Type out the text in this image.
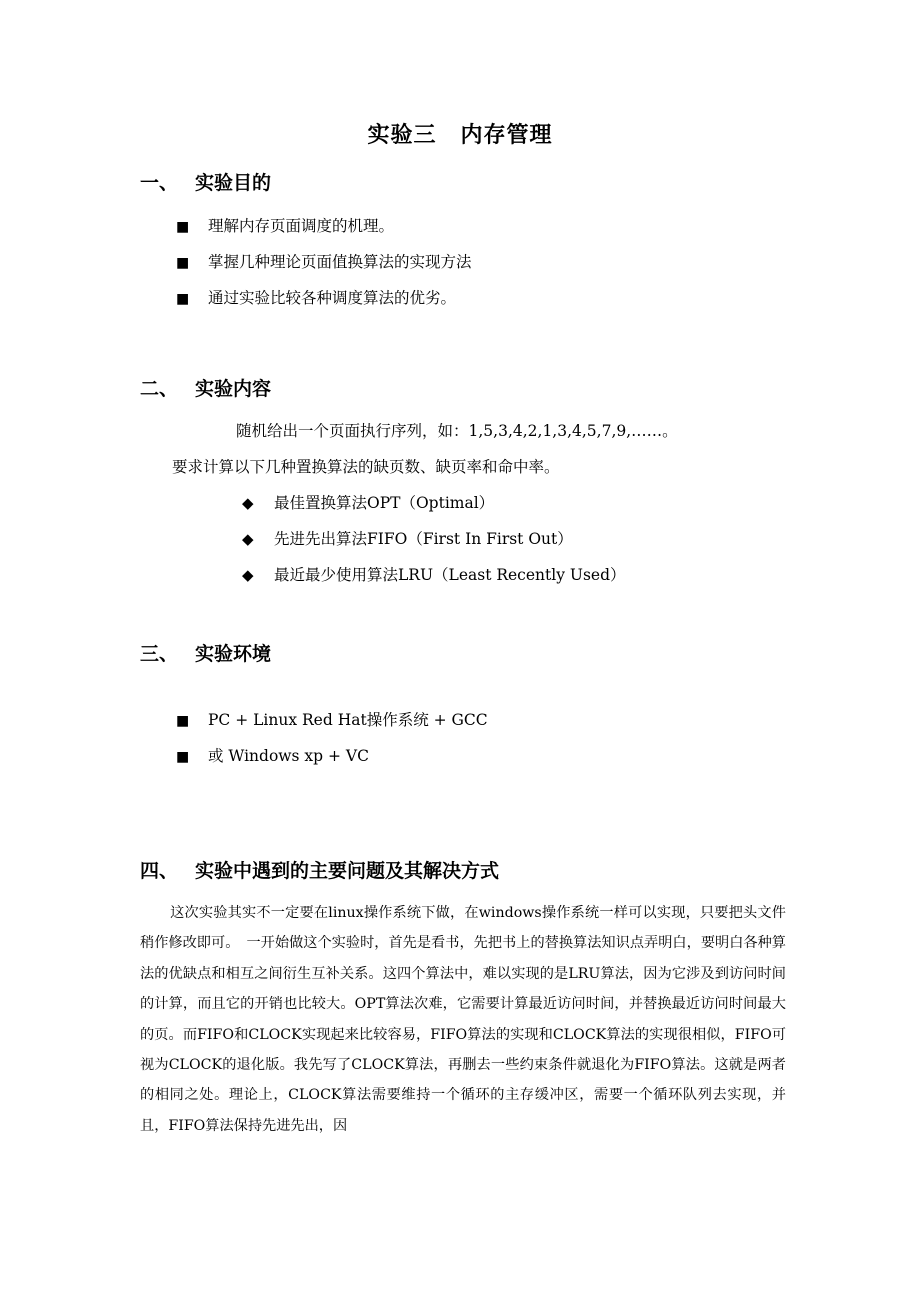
实验三 内存管理
一、 实验目的
■ 理解内存页面调度的机理。
■ 掌握几种理论页面值换算法的实现方法
■ 通过实验比较各种调度算法的优劣。
二、 实验内容
随机给出一个页面执行序列，如：1,5,3,4,2,1,3,4,5,7,9,……。
要求计算以下几种置换算法的缺页数、缺页率和命中率。
◆ 最佳置换算法OPT（Optimal）
◆ 先进先出算法FIFO（First In First Out）
◆ 最近最少使用算法LRU（Least Recently Used）
三、 实验环境
■ PC + Linux Red Hat操作系统 + GCC
■ 或 Windows xp + VC
四、 实验中遇到的主要问题及其解决方式
这次实验其实不一定要在linux操作系统下做，在windows操作系统一样可以实现，只要把头文件稍作修改即可。　一开始做这个实验时，首先是看书，先把书上的替换算法知识点弄明白，要明白各种算法的优缺点和相互之间衍生互补关系。这四个算法中，难以实现的是LRU算法，因为它涉及到访问时间的计算，而且它的开销也比较大。OPT算法次难，它需要计算最近访问时间，并替换最近访问时间最大的页。而FIFO和CLOCK实现起来比较容易，FIFO算法的实现和CLOCK算法的实现很相似，FIFO可视为CLOCK的退化版。我先写了CLOCK算法，再删去一些约束条件就退化为FIFO算法。这就是两者的相同之处。理论上，CLOCK算法需要维持一个循环的主存缓冲区，需要一个循环队列去实现，并且，FIFO算法保持先进先出，因
